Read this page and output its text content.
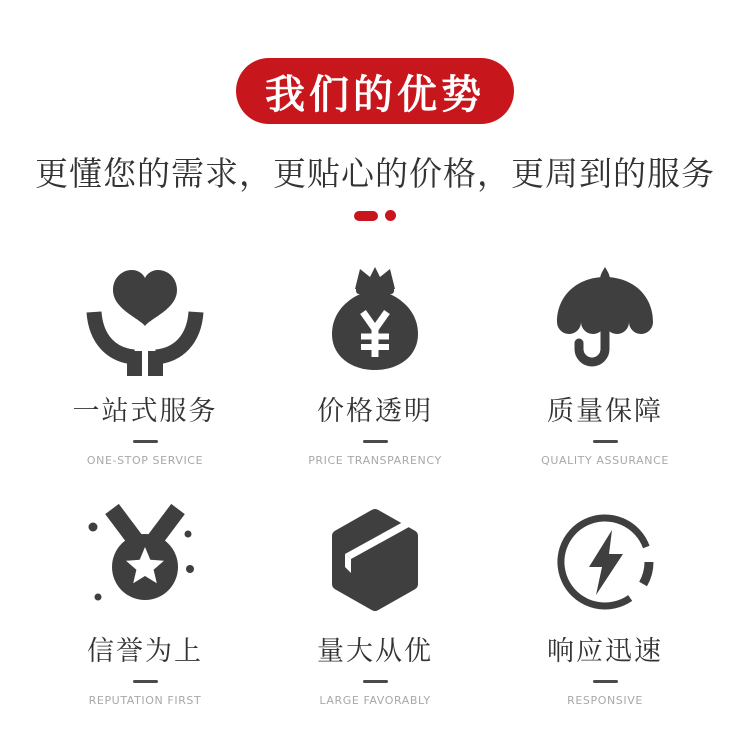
我们的优势
更懂您的需求，更贴心的价格，更周到的服务
一站式服务
ONE-STOP SERVICE
价格透明
PRICE TRANSPARENCY
质量保障
QUALITY ASSURANCE
信誉为上
REPUTATION FIRST
量大从优
LARGE FAVORABLY
响应迅速
RESPONSIVE
